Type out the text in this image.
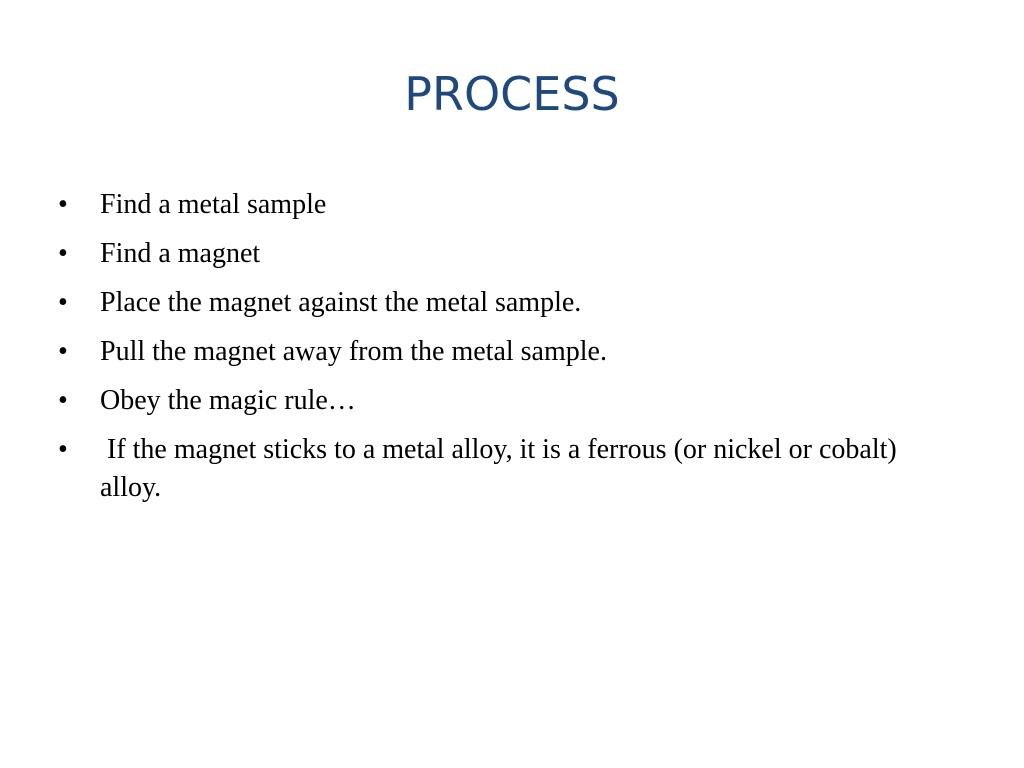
PROCESS
•	Find a metal sample
•	Find a magnet
•	Place the magnet against the metal sample.
•	Pull the magnet away from the metal sample.
•	Obey the magic rule…
•	If the magnet sticks to a metal alloy, it is a ferrous (or nickel or cobalt) alloy.
